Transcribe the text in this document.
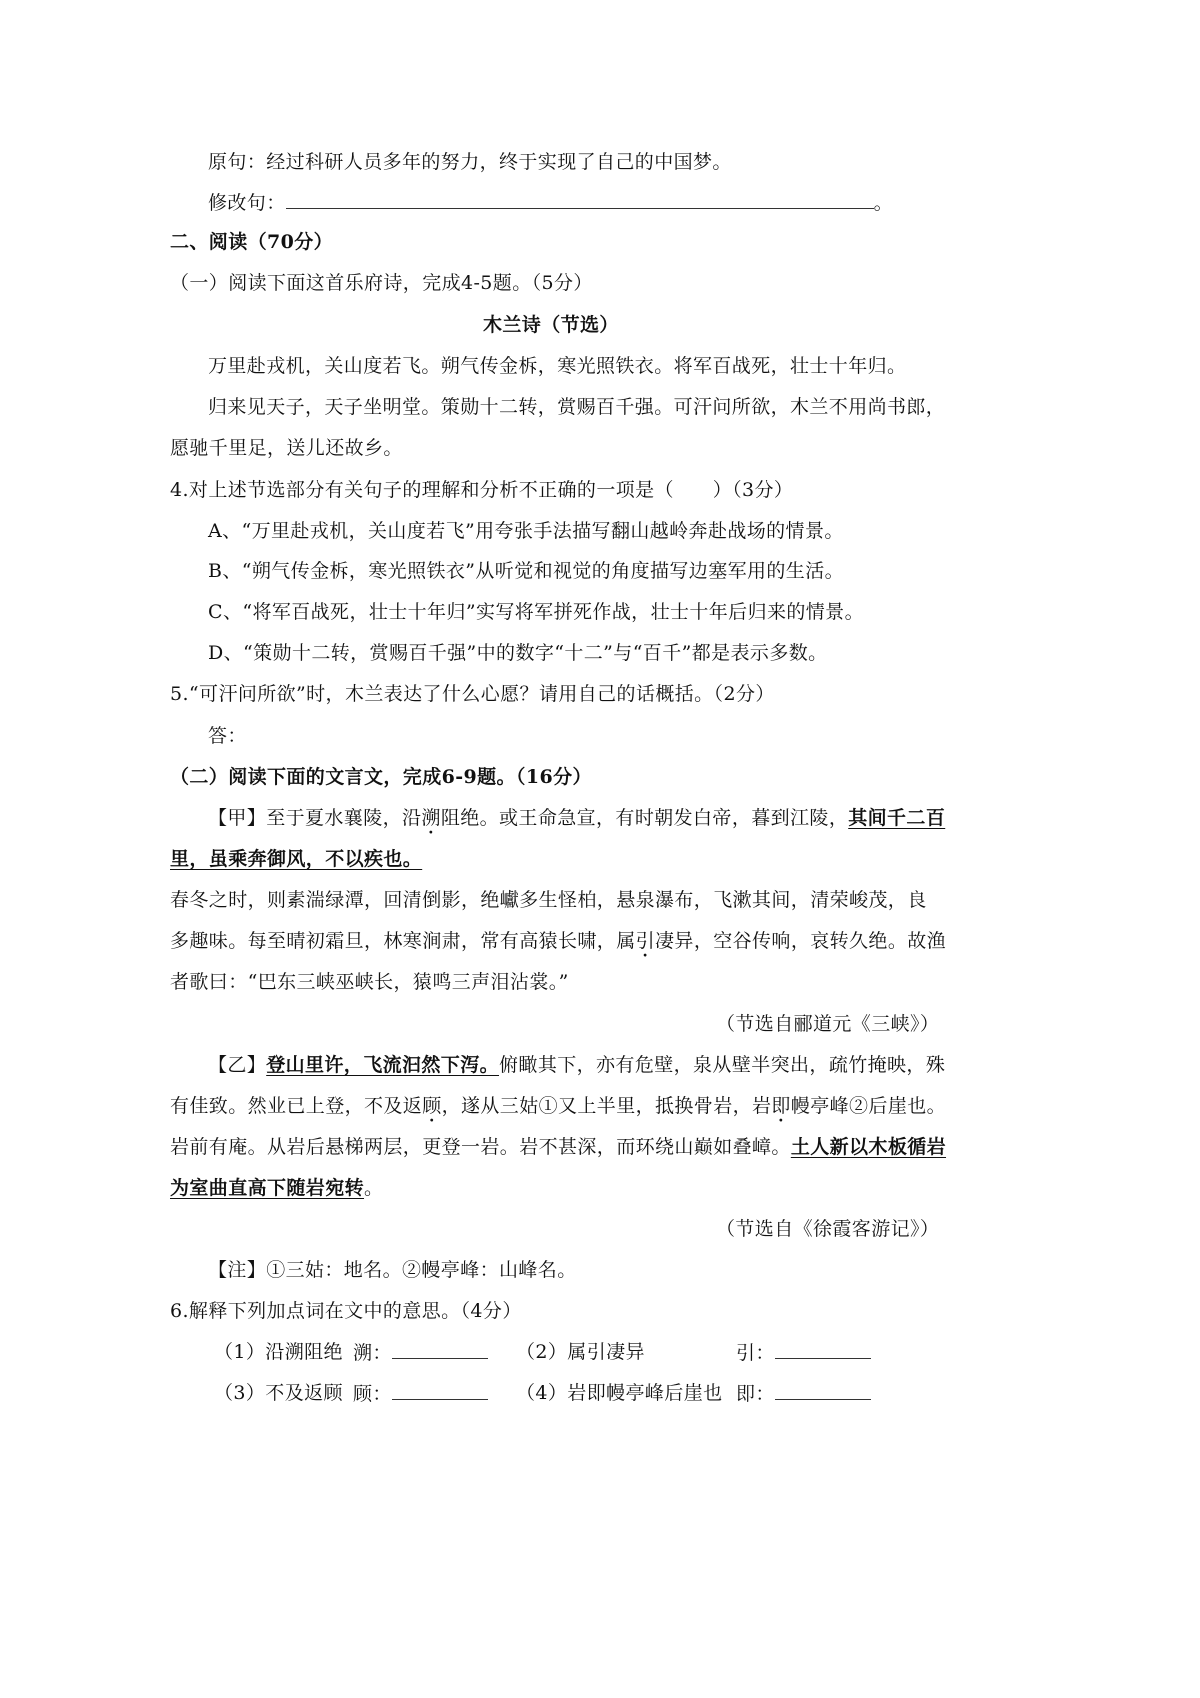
原句：经过科研人员多年的努力，终于实现了自己的中国梦。
修改句：	。
二、阅读（70分）
（一）阅读下面这首乐府诗，完成4-5题。（5分）
木兰诗（节选）
万里赴戎机，关山度若飞。朔气传金柝，寒光照铁衣。将军百战死，壮士十年归。
归来见天子，天子坐明堂。策勋十二转，赏赐百千强。可汗问所欲，木兰不用尚书郎，
愿驰千里足，送儿还故乡。
4.对上述节选部分有关句子的理解和分析不正确的一项是（　　）（3分）
A、“万里赴戎机，关山度若飞”用夸张手法描写翻山越岭奔赴战场的情景。
B、“朔气传金柝，寒光照铁衣”从听觉和视觉的角度描写边塞军用的生活。
C、“将军百战死，壮士十年归”实写将军拼死作战，壮士十年后归来的情景。
D、“策勋十二转，赏赐百千强”中的数字“十二”与“百千”都是表示多数。
5.“可汗问所欲”时，木兰表达了什么心愿？请用自己的话概括。（2分）
答：
（二）阅读下面的文言文，完成6-9题。（16分）
【甲】至于夏水襄陵，沿溯阻绝。或王命急宣，有时朝发白帝，暮到江陵，其间千二百
里，虽乘奔御风，不以疾也。
春冬之时，则素湍绿潭，回清倒影，绝巘多生怪柏，悬泉瀑布，飞漱其间，清荣峻茂，良
多趣味。每至晴初霜旦，林寒涧肃，常有高猿长啸，属引凄异，空谷传响，哀转久绝。故渔
者歌曰：“巴东三峡巫峡长，猿鸣三声泪沾裳。”
（节选自郦道元《三峡》）
【乙】登山里许，飞流汩然下泻。俯瞰其下，亦有危壁，泉从壁半突出，疏竹掩映，殊
有佳致。然业已上登，不及返顾，遂从三姑①又上半里，抵换骨岩，岩即幔亭峰②后崖也。
岩前有庵。从岩后悬梯两层，更登一岩。岩不甚深，而环绕山巅如叠嶂。土人新以木板循岩
为室曲直高下随岩宛转。
（节选自《徐霞客游记》）
【注】①三姑：地名。②幔亭峰：山峰名。
6.解释下列加点词在文中的意思。（4分）
（1）沿溯阻绝 溯：	（2）属引凄异	引：
（3）不及返顾 顾：	（4）岩即幔亭峰后崖也 即：
